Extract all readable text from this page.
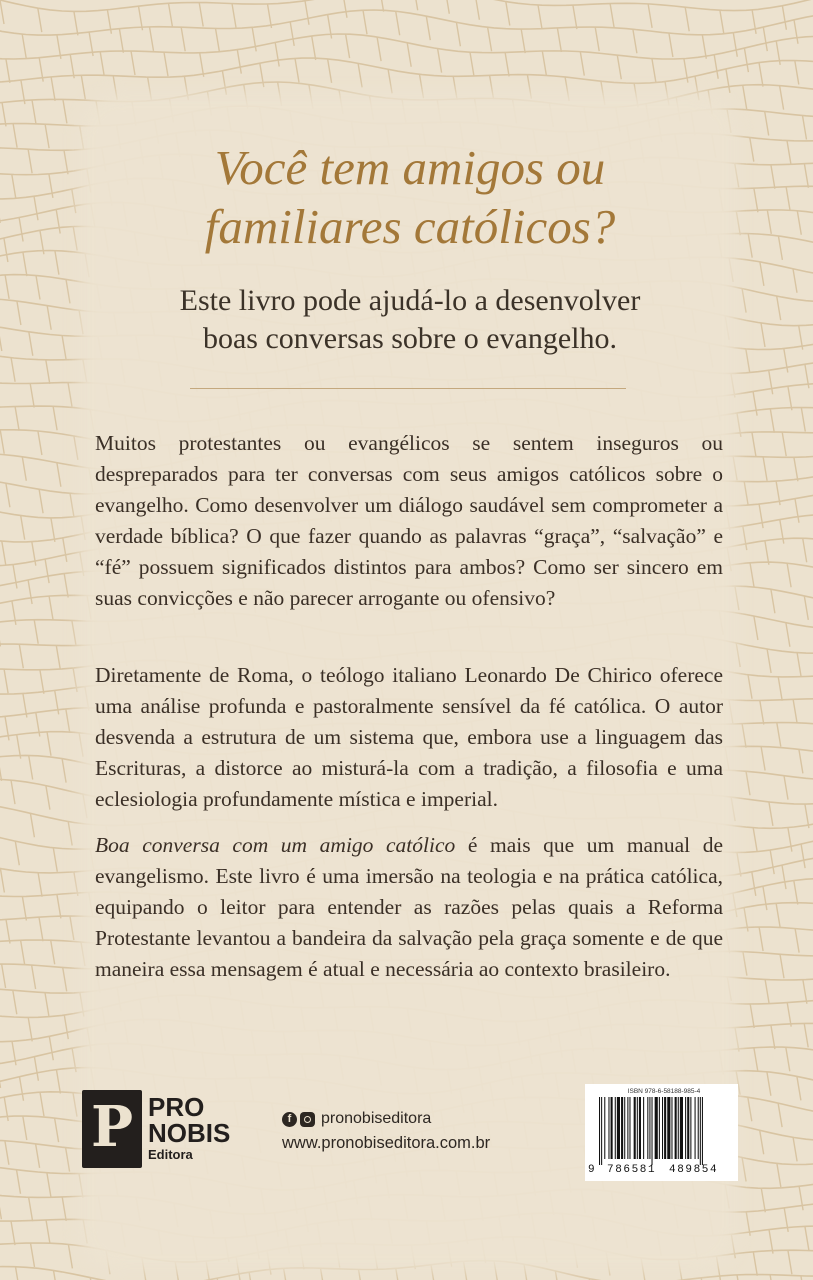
Você tem amigos ou familiares católicos?

Este livro pode ajudá-lo a desenvolver boas conversas sobre o evangelho.

Muitos protestantes ou evangélicos se sentem inseguros ou despreparados para ter conversas com seus amigos católicos sobre o evangelho. Como desenvolver um diálogo saudável sem comprometer a verdade bíblica? O que fazer quando as palavras “graça”, “salvação” e “fé” possuem significados distintos para ambos? Como ser sincero em suas convicções e não parecer arrogante ou ofensivo?

Diretamente de Roma, o teólogo italiano Leonardo De Chirico oferece uma análise profunda e pastoralmente sensível da fé católica. O autor desvenda a estrutura de um sistema que, embora use a linguagem das Escrituras, a distorce ao misturá-la com a tradição, a filosofia e uma eclesiologia profundamente mística e imperial.

Boa conversa com um amigo católico é mais que um manual de evangelismo. Este livro é uma imersão na teologia e na prática católica, equipando o leitor para entender as razões pelas quais a Reforma Protestante levantou a bandeira da salvação pela graça somente e de que maneira essa mensagem é atual e necessária ao contexto brasileiro.

P PRO
NOBIS
Editora
f	pronobiseditora
www.pronobiseditora.com.br
ISBN 978-6-58188-985-4
9 786581 489854
